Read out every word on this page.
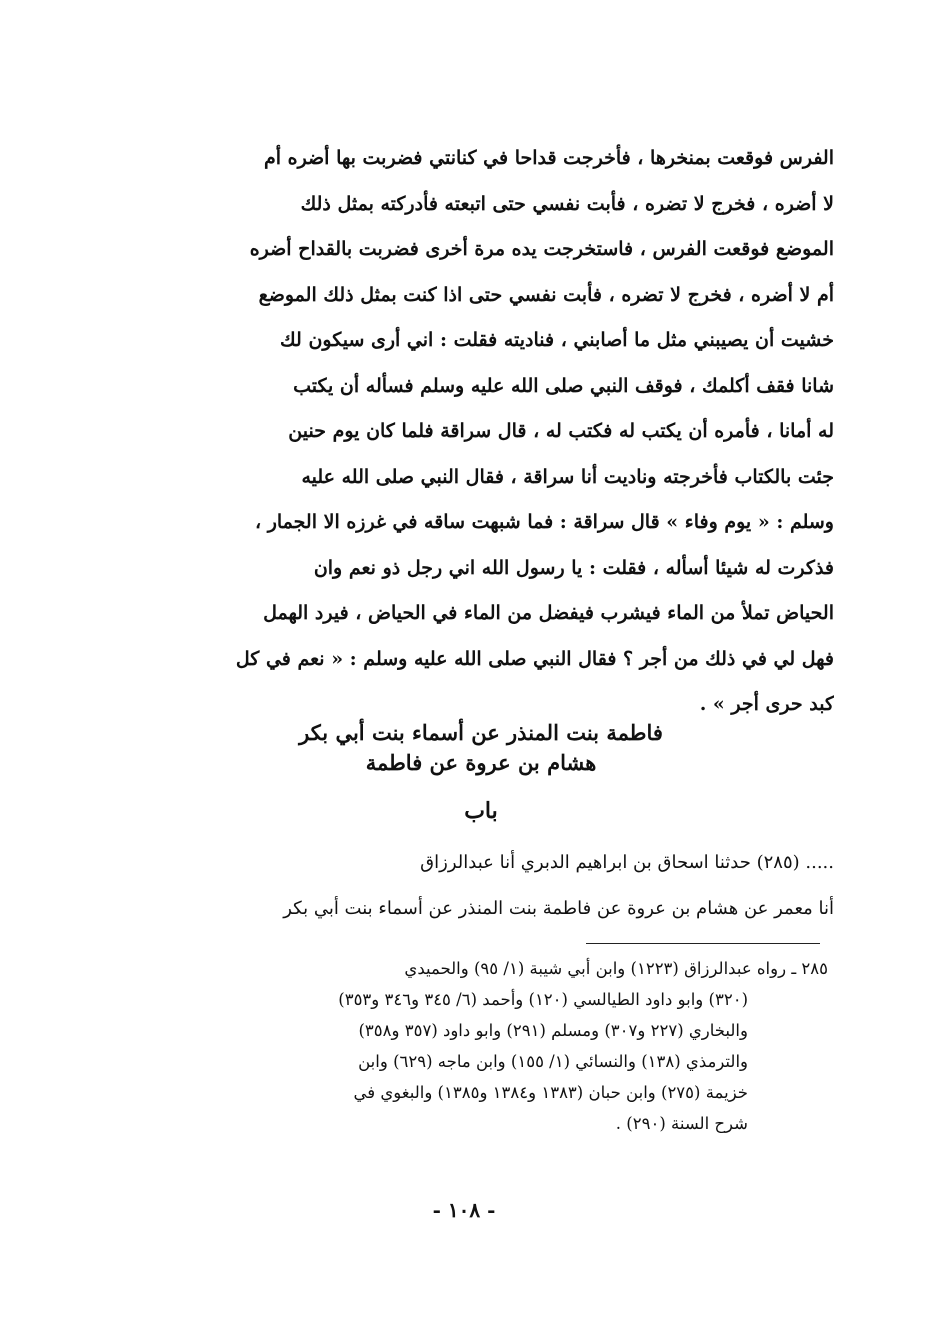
الفرس فوقعت بمنخرها ، فأخرجت قداحا في كنانتي فضربت بها أضره أم
لا أضره ، فخرج لا تضره ، فأبت نفسي حتى اتبعته فأدركته بمثل ذلك
الموضع فوقعت الفرس ، فاستخرجت يده مرة أخرى فضربت بالقداح أضره
أم لا أضره ، فخرج لا تضره ، فأبت نفسي حتى اذا كنت بمثل ذلك الموضع
خشيت أن يصيبني مثل ما أصابني ، فناديته فقلت : اني أرى سيكون لك
شانا فقف أكلمك ، فوقف النبي صلى الله عليه وسلم فسأله أن يكتب
له أمانا ، فأمره أن يكتب له فكتب له ، قال سراقة فلما كان يوم حنين
جئت بالكتاب فأخرجته وناديت أنا سراقة ، فقال النبي صلى الله عليه
وسلم : « يوم وفاء » قال سراقة : فما شبهت ساقه في غرزه الا الجمار ،
فذكرت له شيئا أسأله ، فقلت : يا رسول الله اني رجل ذو نعم وان
الحياض تملأ من الماء فيشرب فيفضل من الماء في الحياض ، فيرد الهمل
فهل لي في ذلك من أجر ؟ فقال النبي صلى الله عليه وسلم : « نعم في كل
كبد حرى أجر » .
فاطمة بنت المنذر عن أسماء بنت أبي بكر
هشام بن عروة عن فاطمة
باب
..... (٢٨٥) حدثنا اسحاق بن ابراهيم الدبري أنا عبدالرزاق
أنا معمر عن هشام بن عروة عن فاطمة بنت المنذر عن أسماء بنت أبي بكر
٢٨٥ ـ رواه عبدالرزاق (١٢٢٣) وابن أبي شيبة (١/ ٩٥) والحميدي
(٣٢٠) وابو داود الطيالسي (١٢٠) وأحمد (٦/ ٣٤٥ و٣٤٦ و٣٥٣)
والبخاري (٢٢٧ و٣٠٧) ومسلم (٢٩١) وابو داود (٣٥٧ و٣٥٨)
والترمذي (١٣٨) والنسائي (١/ ١٥٥) وابن ماجه (٦٢٩) وابن
خزيمة (٢٧٥) وابن حبان (١٣٨٣ و١٣٨٤ و١٣٨٥) والبغوي في
شرح السنة (٢٩٠) .
- ١٠٨ -
